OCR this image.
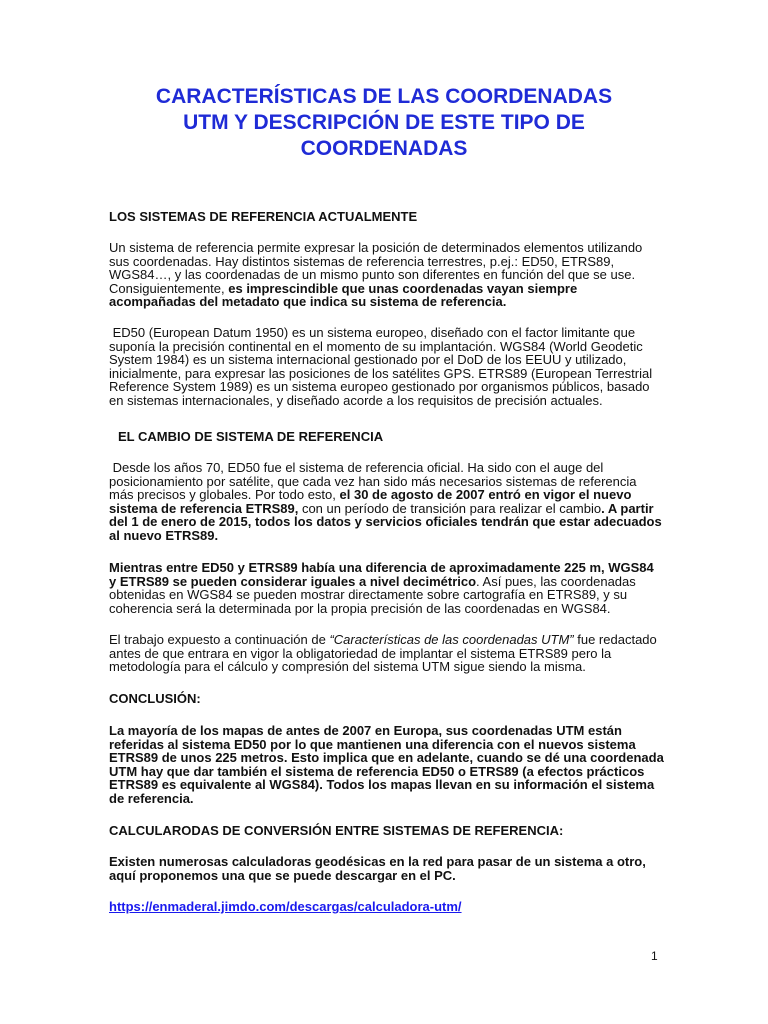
CARACTERÍSTICAS DE LAS COORDENADAS
UTM Y DESCRIPCIÓN DE ESTE TIPO DE
COORDENADAS
LOS SISTEMAS DE REFERENCIA ACTUALMENTE
Un sistema de referencia permite expresar la posición de determinados elementos utilizando
sus coordenadas. Hay distintos sistemas de referencia terrestres, p.ej.: ED50, ETRS89,
WGS84…, y las coordenadas de un mismo punto son diferentes en función del que se use.
Consiguientemente, es imprescindible que unas coordenadas vayan siempre
acompañadas del metadato que indica su sistema de referencia.
ED50 (European Datum 1950) es un sistema europeo, diseñado con el factor limitante que
suponía la precisión continental en el momento de su implantación. WGS84 (World Geodetic
System 1984) es un sistema internacional gestionado por el DoD de los EEUU y utilizado,
inicialmente, para expresar las posiciones de los satélites GPS. ETRS89 (European Terrestrial
Reference System 1989) es un sistema europeo gestionado por organismos públicos, basado
en sistemas internacionales, y diseñado acorde a los requisitos de precisión actuales.
EL CAMBIO DE SISTEMA DE REFERENCIA
Desde los años 70, ED50 fue el sistema de referencia oficial. Ha sido con el auge del
posicionamiento por satélite, que cada vez han sido más necesarios sistemas de referencia
más precisos y globales. Por todo esto, el 30 de agosto de 2007 entró en vigor el nuevo
sistema de referencia ETRS89, con un período de transición para realizar el cambio. A partir
del 1 de enero de 2015, todos los datos y servicios oficiales tendrán que estar adecuados
al nuevo ETRS89.
Mientras entre ED50 y ETRS89 había una diferencia de aproximadamente 225 m, WGS84
y ETRS89 se pueden considerar iguales a nivel decimétrico. Así pues, las coordenadas
obtenidas en WGS84 se pueden mostrar directamente sobre cartografía en ETRS89, y su
coherencia será la determinada por la propia precisión de las coordenadas en WGS84.
El trabajo expuesto a continuación de “Características de las coordenadas UTM” fue redactado
antes de que entrara en vigor la obligatoriedad de implantar el sistema ETRS89 pero la
metodología para el cálculo y compresión del sistema UTM sigue siendo la misma.
CONCLUSIÓN:
La mayoría de los mapas de antes de 2007 en Europa, sus coordenadas UTM están
referidas al sistema ED50 por lo que mantienen una diferencia con el nuevos sistema
ETRS89 de unos 225 metros. Esto implica que en adelante, cuando se dé una coordenada
UTM hay que dar también el sistema de referencia ED50 o ETRS89 (a efectos prácticos
ETRS89 es equivalente al WGS84). Todos los mapas llevan en su información el sistema
de referencia.
CALCULARODAS DE CONVERSIÓN ENTRE SISTEMAS DE REFERENCIA:
Existen numerosas calculadoras geodésicas en la red para pasar de un sistema a otro,
aquí proponemos una que se puede descargar en el PC.
https://enmaderal.jimdo.com/descargas/calculadora-utm/
1
